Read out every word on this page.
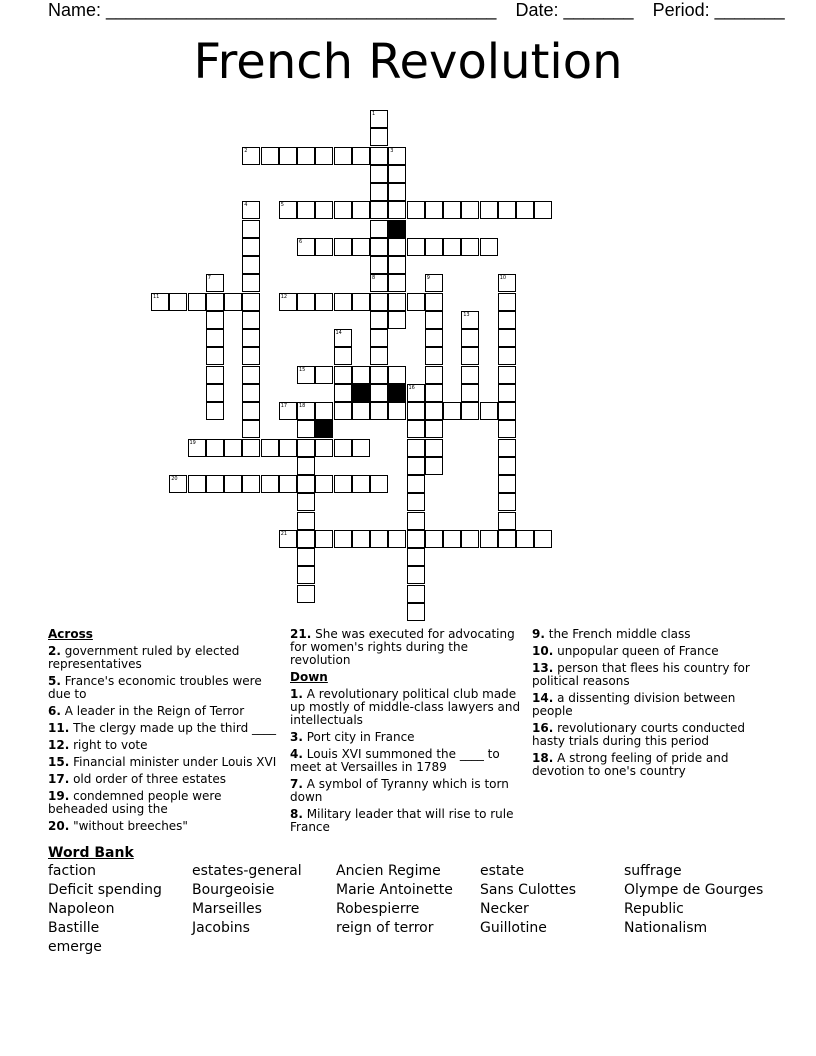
Name: _______________________________________ Date: _______ Period: _______
French Revolution
1
8
2	3
4	5
6
7	9	10
11	12
13
14
15
16
17 18
19
20
21
Across
2. government ruled by elected representatives
5. France's economic troubles were due to
6. A leader in the Reign of Terror
11. The clergy made up the third ____
12. right to vote
15. Financial minister under Louis XVI
17. old order of three estates
19. condemned people were beheaded using the
20. "without breeches"
21. She was executed for advocating for women's rights during the revolution
Down
1. A revolutionary political club made up mostly of middle-class lawyers and intellectuals
3. Port city in France
4. Louis XVI summoned the ____ to meet at Versailles in 1789
7. A symbol of Tyranny which is torn down
8. Military leader that will rise to rule France
9. the French middle class
10. unpopular queen of France
13. person that flees his country for political reasons
14. a dissenting division between people
16. revolutionary courts conducted hasty trials during this period
18. A strong feeling of pride and devotion to one's country
Word Bank
faction	estates-general	Ancien Regime	estate	suffrage
Deficit spending	Bourgeoisie	Marie Antoinette	Sans Culottes	Olympe de Gourges
Napoleon	Marseilles	Robespierre	Necker	Republic
Bastille	Jacobins	reign of terror	Guillotine	Nationalism
emerge
